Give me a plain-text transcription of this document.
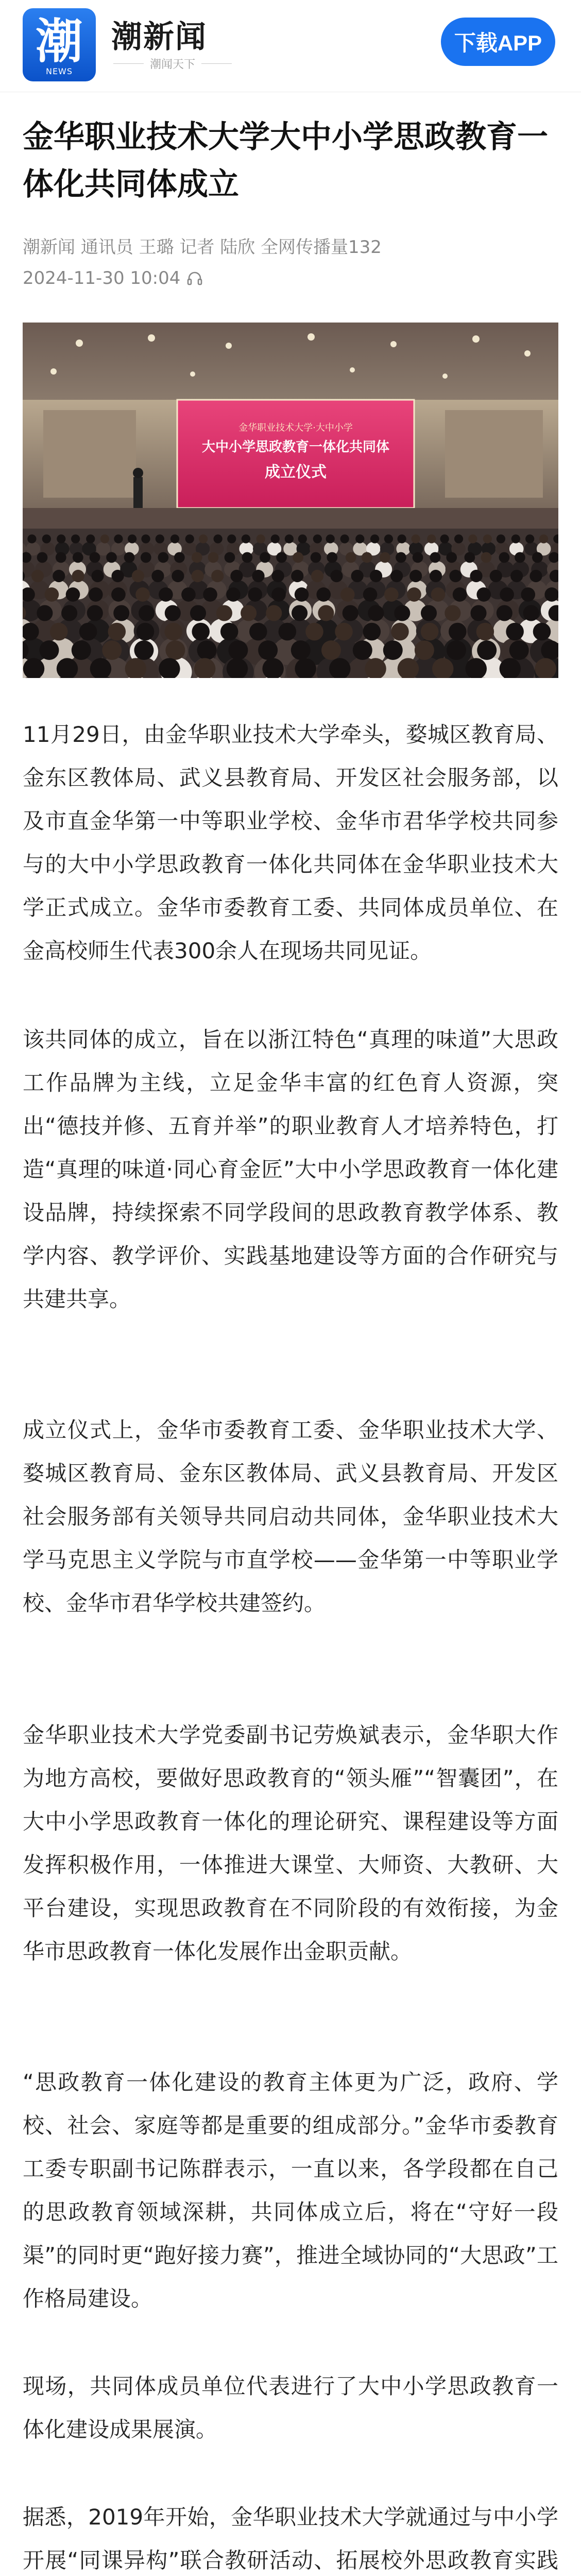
潮
NEWS
潮新闻
潮闻天下
下载APP
金华职业技术大学大中小学思政教育一体化共同体成立
潮新闻 通讯员 王璐 记者 陆欣 全网传播量132
2024-11-30 10:04
金华职业技术大学·大中小学
大中小学思政教育一体化共同体
成立仪式

11月29日，由金华职业技术大学牵头，婺城区教育局、金东区教体局、武义县教育局、开发区社会服务部，以及市直金华第一中等职业学校、金华市君华学校共同参与的大中小学思政教育一体化共同体在金华职业技术大学正式成立。金华市委教育工委、共同体成员单位、在金高校师生代表300余人在现场共同见证。

该共同体的成立，旨在以浙江特色“真理的味道”大思政工作品牌为主线，立足金华丰富的红色育人资源，突出“德技并修、五育并举”的职业教育人才培养特色，打造“真理的味道·同心育金匠”大中小学思政教育一体化建设品牌，持续探索不同学段间的思政教育教学体系、教学内容、教学评价、实践基地建设等方面的合作研究与共建共享。

成立仪式上，金华市委教育工委、金华职业技术大学、婺城区教育局、金东区教体局、武义县教育局、开发区社会服务部有关领导共同启动共同体，金华职业技术大学马克思主义学院与市直学校——金华第一中等职业学校、金华市君华学校共建签约。

金华职业技术大学党委副书记劳焕斌表示，金华职大作为地方高校，要做好思政教育的“领头雁”“智囊团”，在大中小学思政教育一体化的理论研究、课程建设等方面发挥积极作用，一体推进大课堂、大师资、大教研、大平台建设，实现思政教育在不同阶段的有效衔接，为金华市思政教育一体化发展作出金职贡献。

“思政教育一体化建设的教育主体更为广泛，政府、学校、社会、家庭等都是重要的组成部分。”金华市委教育工委专职副书记陈群表示，一直以来，各学段都在自己的思政教育领域深耕，共同体成立后，将在“守好一段渠”的同时更“跑好接力赛”，推进全域协同的“大思政”工作格局建设。

现场，共同体成员单位代表进行了大中小学思政教育一体化建设成果展演。

据悉，2019年开始，金华职业技术大学就通过与中小学开展“同课异构”联合教研活动、拓展校外思政教育实践
